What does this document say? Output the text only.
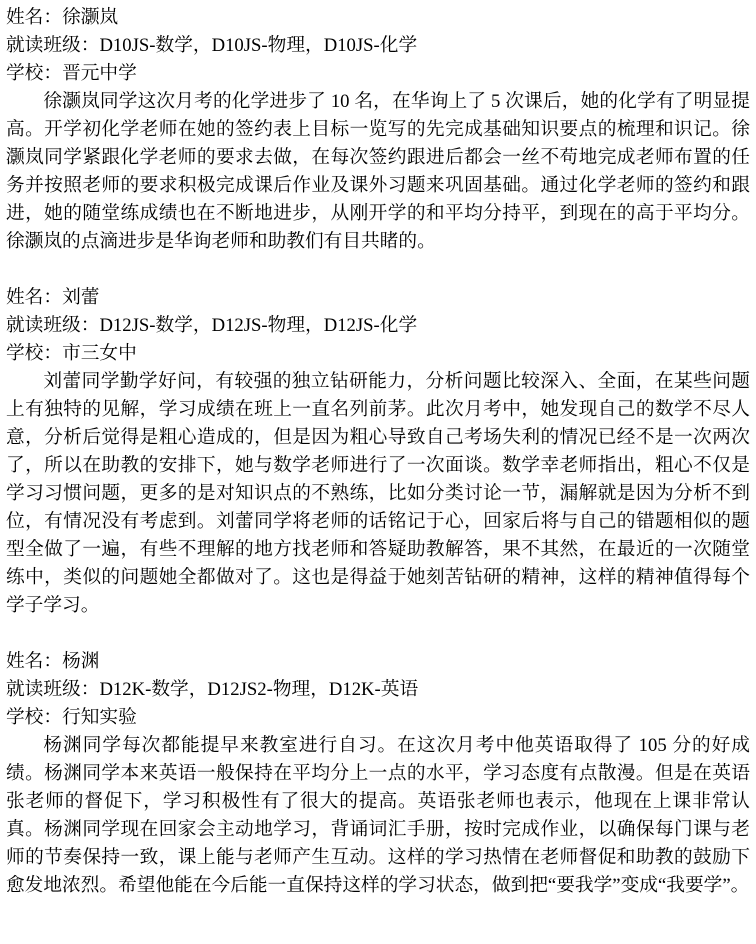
姓名：徐灏岚
就读班级：D10JS-数学，D10JS-物理，D10JS-化学
学校：晋元中学

徐灏岚同学这次月考的化学进步了 10 名，在华询上了 5 次课后，她的化学有了明显提高。开学初化学老师在她的签约表上目标一览写的先完成基础知识要点的梳理和识记。徐灏岚同学紧跟化学老师的要求去做，在每次签约跟进后都会一丝不苟地完成老师布置的任务并按照老师的要求积极完成课后作业及课外习题来巩固基础。通过化学老师的签约和跟进，她的随堂练成绩也在不断地进步，从刚开学的和平均分持平，到现在的高于平均分。徐灏岚的点滴进步是华询老师和助教们有目共睹的。

姓名：刘蕾
就读班级：D12JS-数学，D12JS-物理，D12JS-化学
学校：市三女中

刘蕾同学勤学好问，有较强的独立钻研能力，分析问题比较深入、全面，在某些问题上有独特的见解，学习成绩在班上一直名列前茅。此次月考中，她发现自己的数学不尽人意，分析后觉得是粗心造成的，但是因为粗心导致自己考场失利的情况已经不是一次两次了，所以在助教的安排下，她与数学老师进行了一次面谈。数学幸老师指出，粗心不仅是学习习惯问题，更多的是对知识点的不熟练，比如分类讨论一节，漏解就是因为分析不到位，有情况没有考虑到。刘蕾同学将老师的话铭记于心，回家后将与自己的错题相似的题型全做了一遍，有些不理解的地方找老师和答疑助教解答，果不其然，在最近的一次随堂练中，类似的问题她全都做对了。这也是得益于她刻苦钻研的精神，这样的精神值得每个学子学习。

姓名：杨渊
就读班级：D12K-数学，D12JS2-物理，D12K-英语
学校：行知实验

杨渊同学每次都能提早来教室进行自习。在这次月考中他英语取得了 105 分的好成绩。杨渊同学本来英语一般保持在平均分上一点的水平，学习态度有点散漫。但是在英语张老师的督促下，学习积极性有了很大的提高。英语张老师也表示，他现在上课非常认真。杨渊同学现在回家会主动地学习，背诵词汇手册，按时完成作业，以确保每门课与老师的节奏保持一致，课上能与老师产生互动。这样的学习热情在老师督促和助教的鼓励下愈发地浓烈。希望他能在今后能一直保持这样的学习状态，做到把“要我学”变成“我要学”。
